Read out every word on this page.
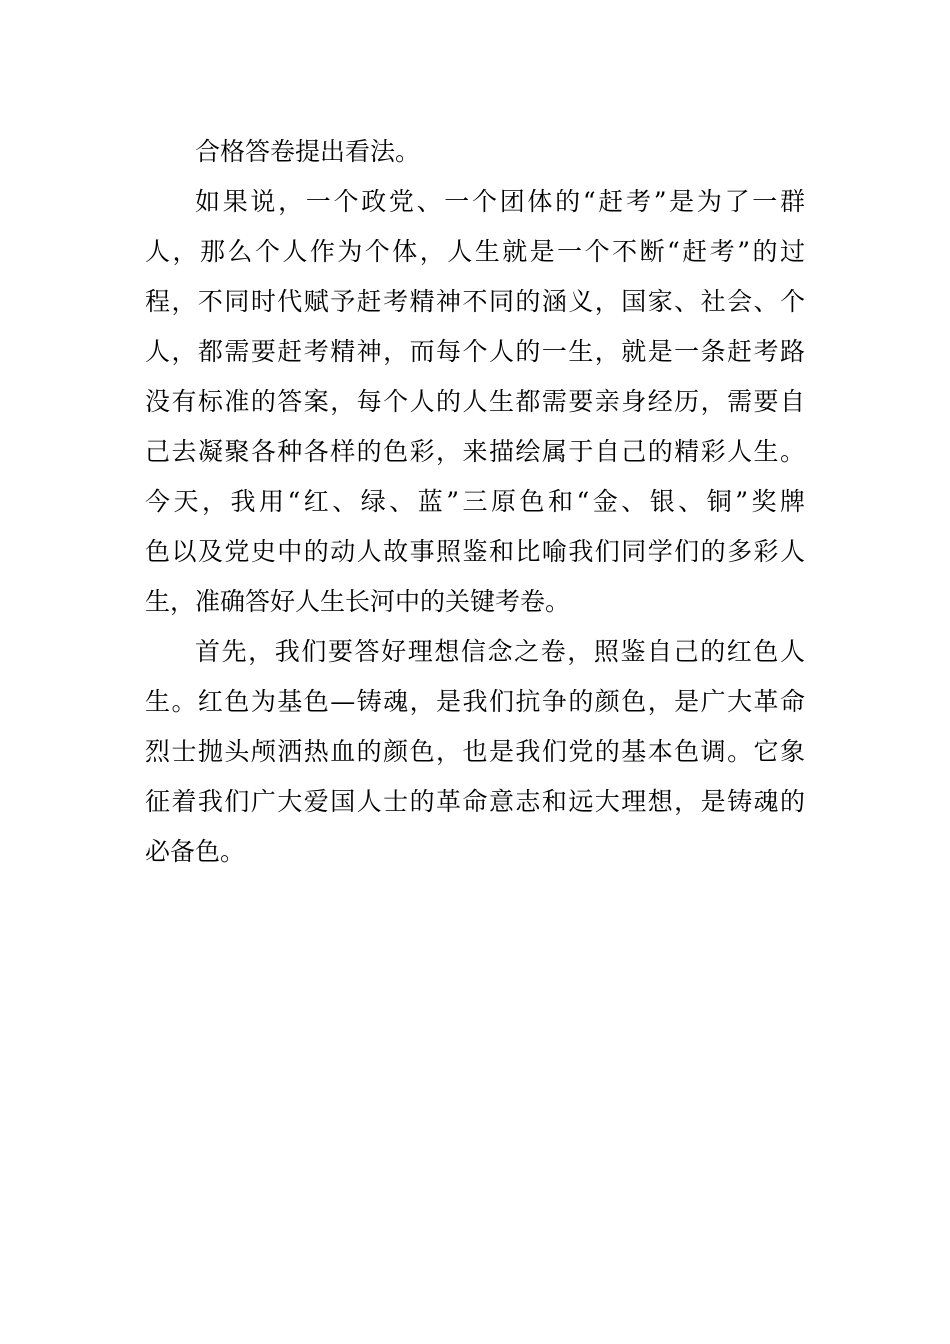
合格答卷提出看法。
如果说，一个政党、一个团体的“赶考”是为了一群
人，那么个人作为个体，人生就是一个不断“赶考”的过
程，不同时代赋予赶考精神不同的涵义，国家、社会、个
人，都需要赶考精神，而每个人的一生，就是一条赶考路
没有标准的答案，每个人的人生都需要亲身经历，需要自
己去凝聚各种各样的色彩，来描绘属于自己的精彩人生。
今天，我用“红、绿、蓝”三原色和“金、银、铜”奖牌
色以及党史中的动人故事照鉴和比喻我们同学们的多彩人
生，准确答好人生长河中的关键考卷。
首先，我们要答好理想信念之卷，照鉴自己的红色人
生。红色为基色—铸魂，是我们抗争的颜色，是广大革命
烈士抛头颅洒热血的颜色，也是我们党的基本色调。它象
征着我们广大爱国人士的革命意志和远大理想，是铸魂的
必备色。
